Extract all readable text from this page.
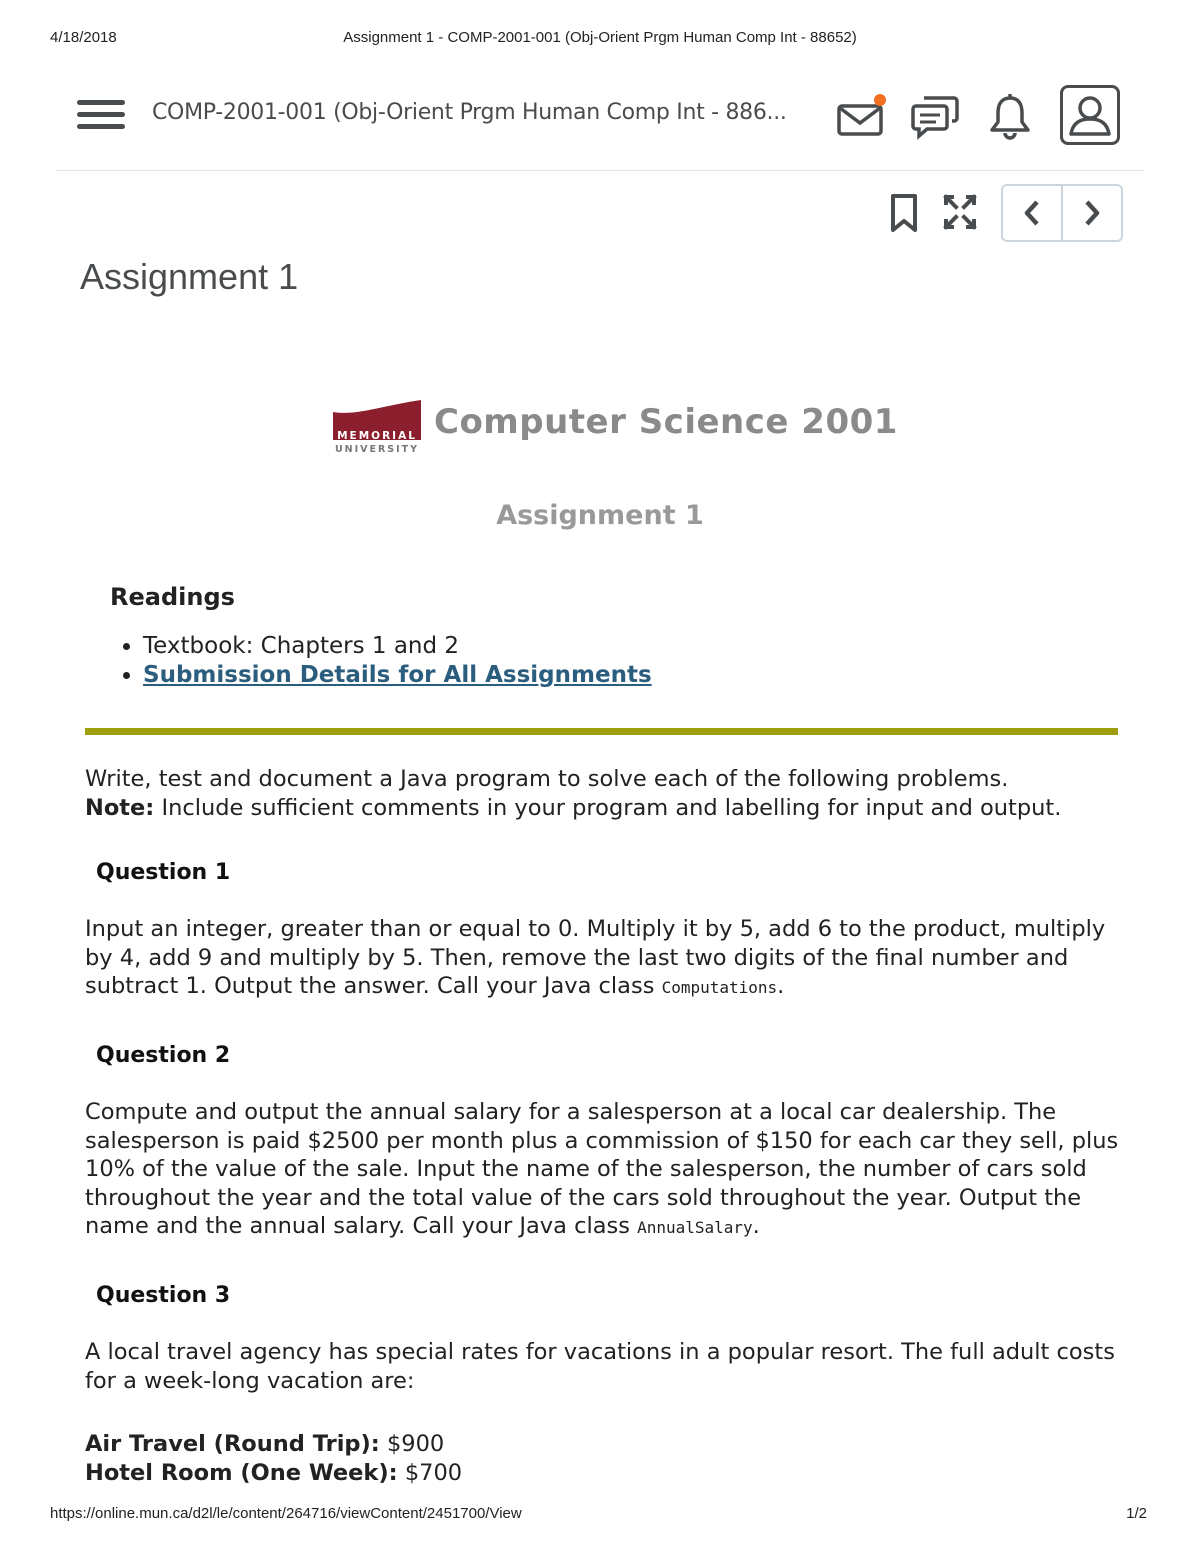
4/18/2018	Assignment 1 - COMP-2001-001 (Obj-Orient Prgm Human Comp Int - 88652)
COMP-2001-001 (Obj-Orient Prgm Human Comp Int - 886...
Assignment 1
MEMORIAL
UNIVERSITY
Computer Science 2001
Assignment 1
Readings
• Textbook: Chapters 1 and 2
• Submission Details for All Assignments

Write, test and document a Java program to solve each of the following problems.

Note: Include sufficient comments in your program and labelling for input and output.

Question 1

Input an integer, greater than or equal to 0. Multiply it by 5, add 6 to the product, multiply by 4, add 9 and multiply by 5. Then, remove the last two digits of the final number and subtract 1. Output the answer. Call your Java class Computations.

Question 2

Compute and output the annual salary for a salesperson at a local car dealership. The salesperson is paid $2500 per month plus a commission of $150 for each car they sell, plus 10% of the value of the sale. Input the name of the salesperson, the number of cars sold throughout the year and the total value of the cars sold throughout the year. Output the name and the annual salary. Call your Java class AnnualSalary.

Question 3

A local travel agency has special rates for vacations in a popular resort. The full adult costs for a week-long vacation are:

Air Travel (Round Trip): $900

Hotel Room (One Week): $700

https://online.mun.ca/d2l/le/content/264716/viewContent/2451700/View	1/2
